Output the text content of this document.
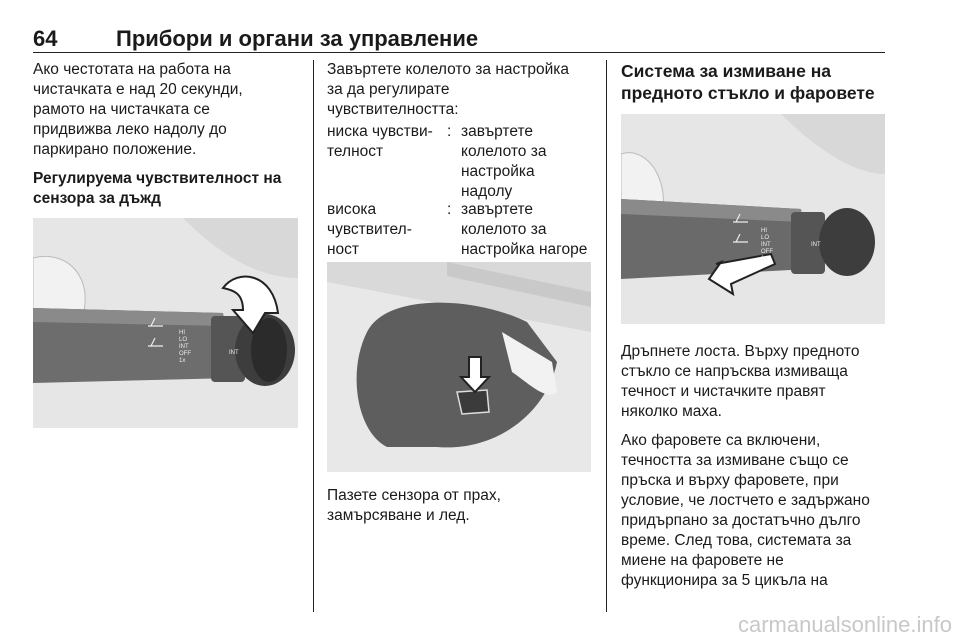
64	Прибори и органи за управление

Ако честотата на работа на
чистачката е над 20 секунди,
рамото на чистачката се
придвижва леко надолу до
паркирано положение.

Регулируема чувствителност на
сензора за дъжд

HI
LO
INT
OFF
1x
INT

Завъртете колелото за настройка
за да регулирате
чувствителността:

ниска чувстви-
телност
: завъртете
колелото за
настройка
надолу
висока
чувствител-
ност
: завъртете
колелото за
настройка нагоре

Пазете сензора от прах,
замърсяване и лед.

Система за измиване на
предното стъкло и фаровете
HI
LO
INT
OFF
1x
INT

Дръпнете лоста. Върху предното
стъкло се напръсква измиваща
течност и чистачките правят
няколко маха.

Ако фаровете са включени,
течността за измиване също се
пръска и върху фаровете, при
условие, че лостчето е задържано
придърпано за достатъчно дълго
време. След това, системата за
миене на фаровете не
функционира за 5 цикъла на

carmanualsonline.info
